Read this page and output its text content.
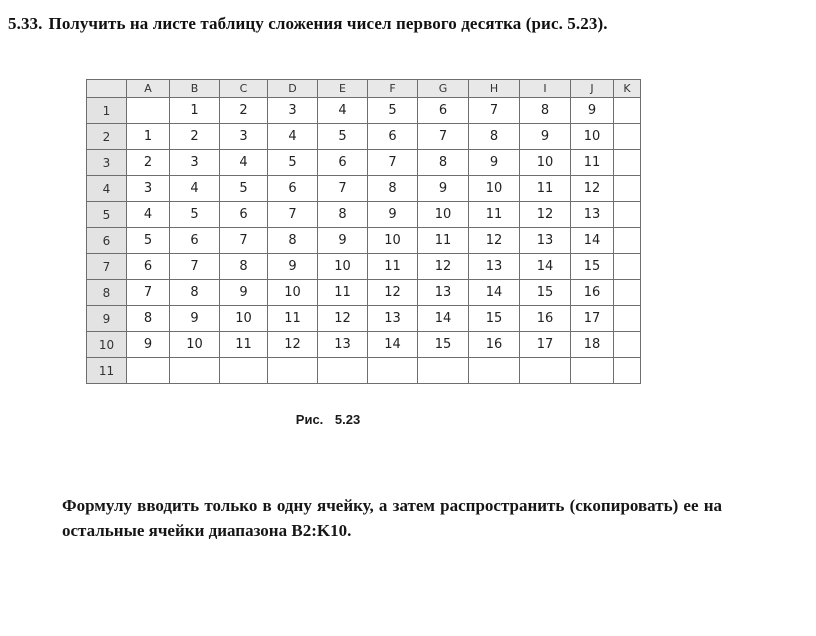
5.33. Получить на листе таблицу сложения чисел первого десятка (рис. 5.23).
	A	B	C	D	E	F	G	H	I	J	K
1		1	2	3	4	5	6	7	8	9	
2	1	2	3	4	5	6	7	8	9	10	
3	2	3	4	5	6	7	8	9	10	11	
4	3	4	5	6	7	8	9	10	11	12	
5	4	5	6	7	8	9	10	11	12	13	
6	5	6	7	8	9	10	11	12	13	14	
7	6	7	8	9	10	11	12	13	14	15	
8	7	8	9	10	11	12	13	14	15	16	
9	8	9	10	11	12	13	14	15	16	17	
10	9	10	11	12	13	14	15	16	17	18	
11											
Рис. 5.23
Формулу вводить только в одну ячейку, а затем распространить (скопировать) ее на остальные ячейки диапазона B2:K10.
